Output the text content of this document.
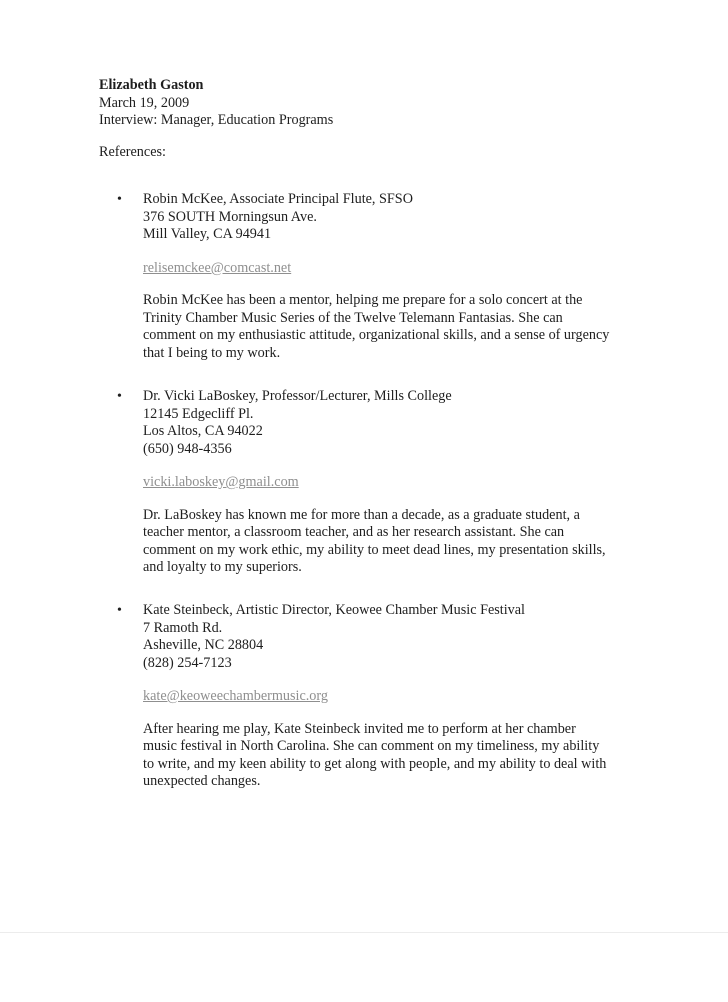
Elizabeth Gaston
March 19, 2009
Interview: Manager, Education Programs
References:
• Robin McKee, Associate Principal Flute, SFSO
376 SOUTH Morningsun Ave.
Mill Valley, CA 94941
relisemckee@comcast.net
Robin McKee has been a mentor, helping me prepare for a solo concert at the
Trinity Chamber Music Series of the Twelve Telemann Fantasias. She can
comment on my enthusiastic attitude, organizational skills, and a sense of urgency
that I being to my work.
• Dr. Vicki LaBoskey, Professor/Lecturer, Mills College
12145 Edgecliff Pl.
Los Altos, CA 94022
(650) 948-4356
vicki.laboskey@gmail.com
Dr. LaBoskey has known me for more than a decade, as a graduate student, a
teacher mentor, a classroom teacher, and as her research assistant. She can
comment on my work ethic, my ability to meet dead lines, my presentation skills,
and loyalty to my superiors.
• Kate Steinbeck, Artistic Director, Keowee Chamber Music Festival
7 Ramoth Rd.
Asheville, NC 28804
(828) 254-7123
kate@keoweechambermusic.org
After hearing me play, Kate Steinbeck invited me to perform at her chamber
music festival in North Carolina. She can comment on my timeliness, my ability
to write, and my keen ability to get along with people, and my ability to deal with
unexpected changes.
